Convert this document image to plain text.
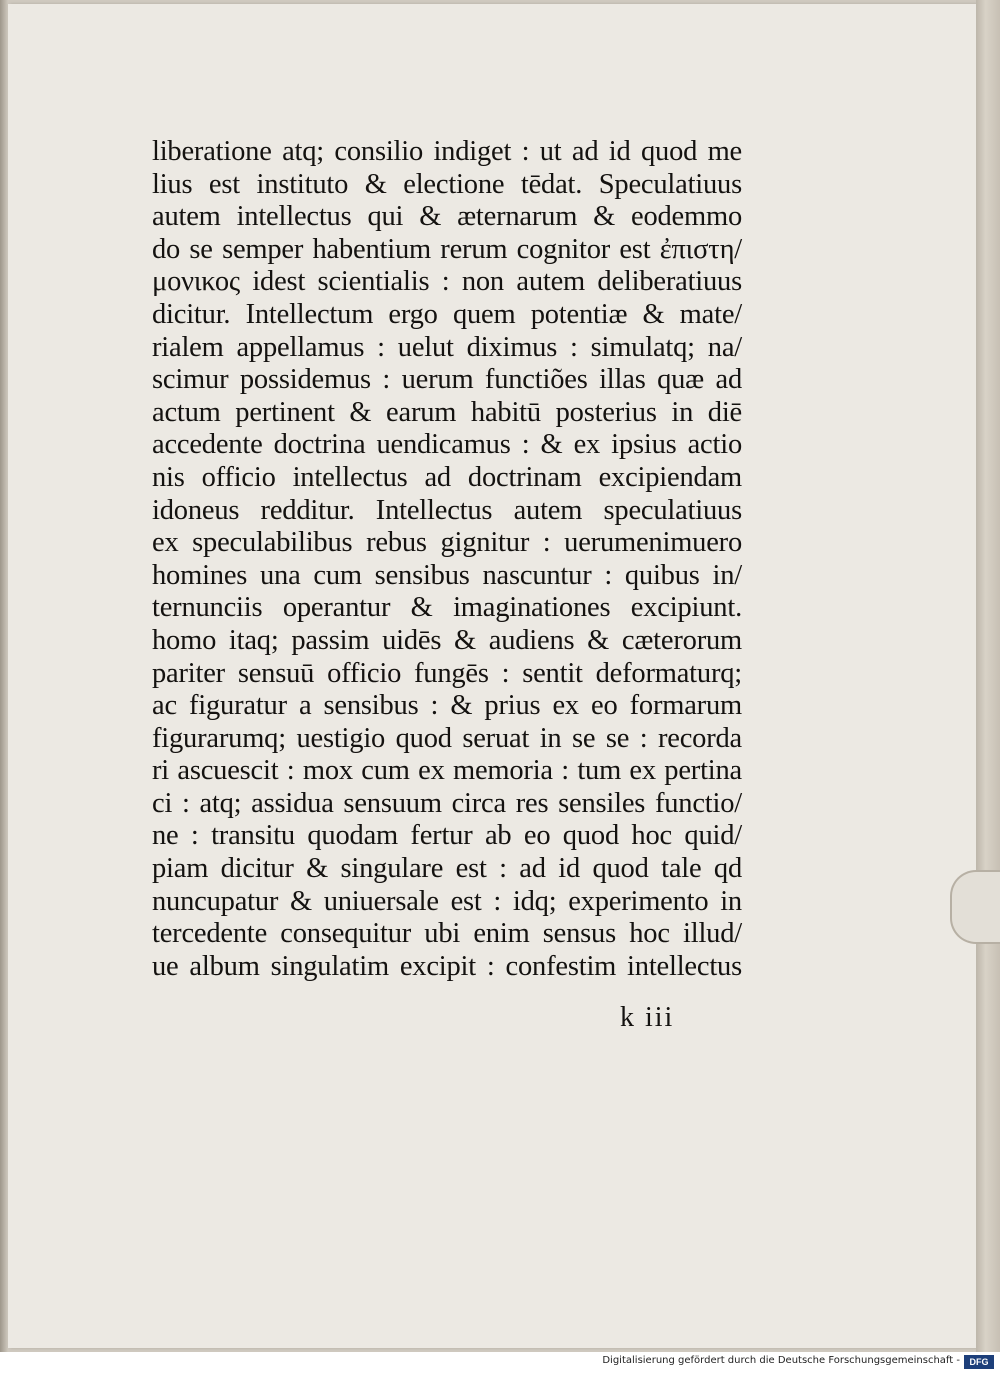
liberatione atq; consilio indiget : ut ad id quod me
lius est instituto & electione tēdat. Speculatiuus
autem intellectus qui & æternarum & eodemmo
do se semper habentium rerum cognitor est ἐπιστη/
μονικος idest scientialis : non autem deliberatiuus
dicitur. Intellectum ergo quem potentiæ & mate/
rialem appellamus : uelut diximus : simulatq; na/
scimur possidemus : uerum functiões illas quæ ad
actum pertinent & earum habitū posterius in diē
accedente doctrina uendicamus : & ex ipsius actio
nis officio intellectus ad doctrinam excipiendam
idoneus redditur. Intellectus autem speculatiuus
ex speculabilibus rebus gignitur : uerumenimuero
homines una cum sensibus nascuntur : quibus in/
ternunciis operantur & imaginationes excipiunt.
homo itaq; passim uidēs & audiens & cæterorum
pariter sensuū officio fungēs : sentit deformaturq;
ac figuratur a sensibus : & prius ex eo formarum
figurarumq; uestigio quod seruat in se se : recorda
ri ascuescit : mox cum ex memoria : tum ex pertina
ci : atq; assidua sensuum circa res sensiles functio/
ne : transitu quodam fertur ab eo quod hoc quid/
piam dicitur & singulare est : ad id quod tale qd
nuncupatur & uniuersale est : idq; experimento in
tercedente consequitur ubi enim sensus hoc illud/
ue album singulatim excipit : confestim intellectus
k iii
Digitalisierung gefördert durch die Deutsche Forschungsgemeinschaft -	DFG
